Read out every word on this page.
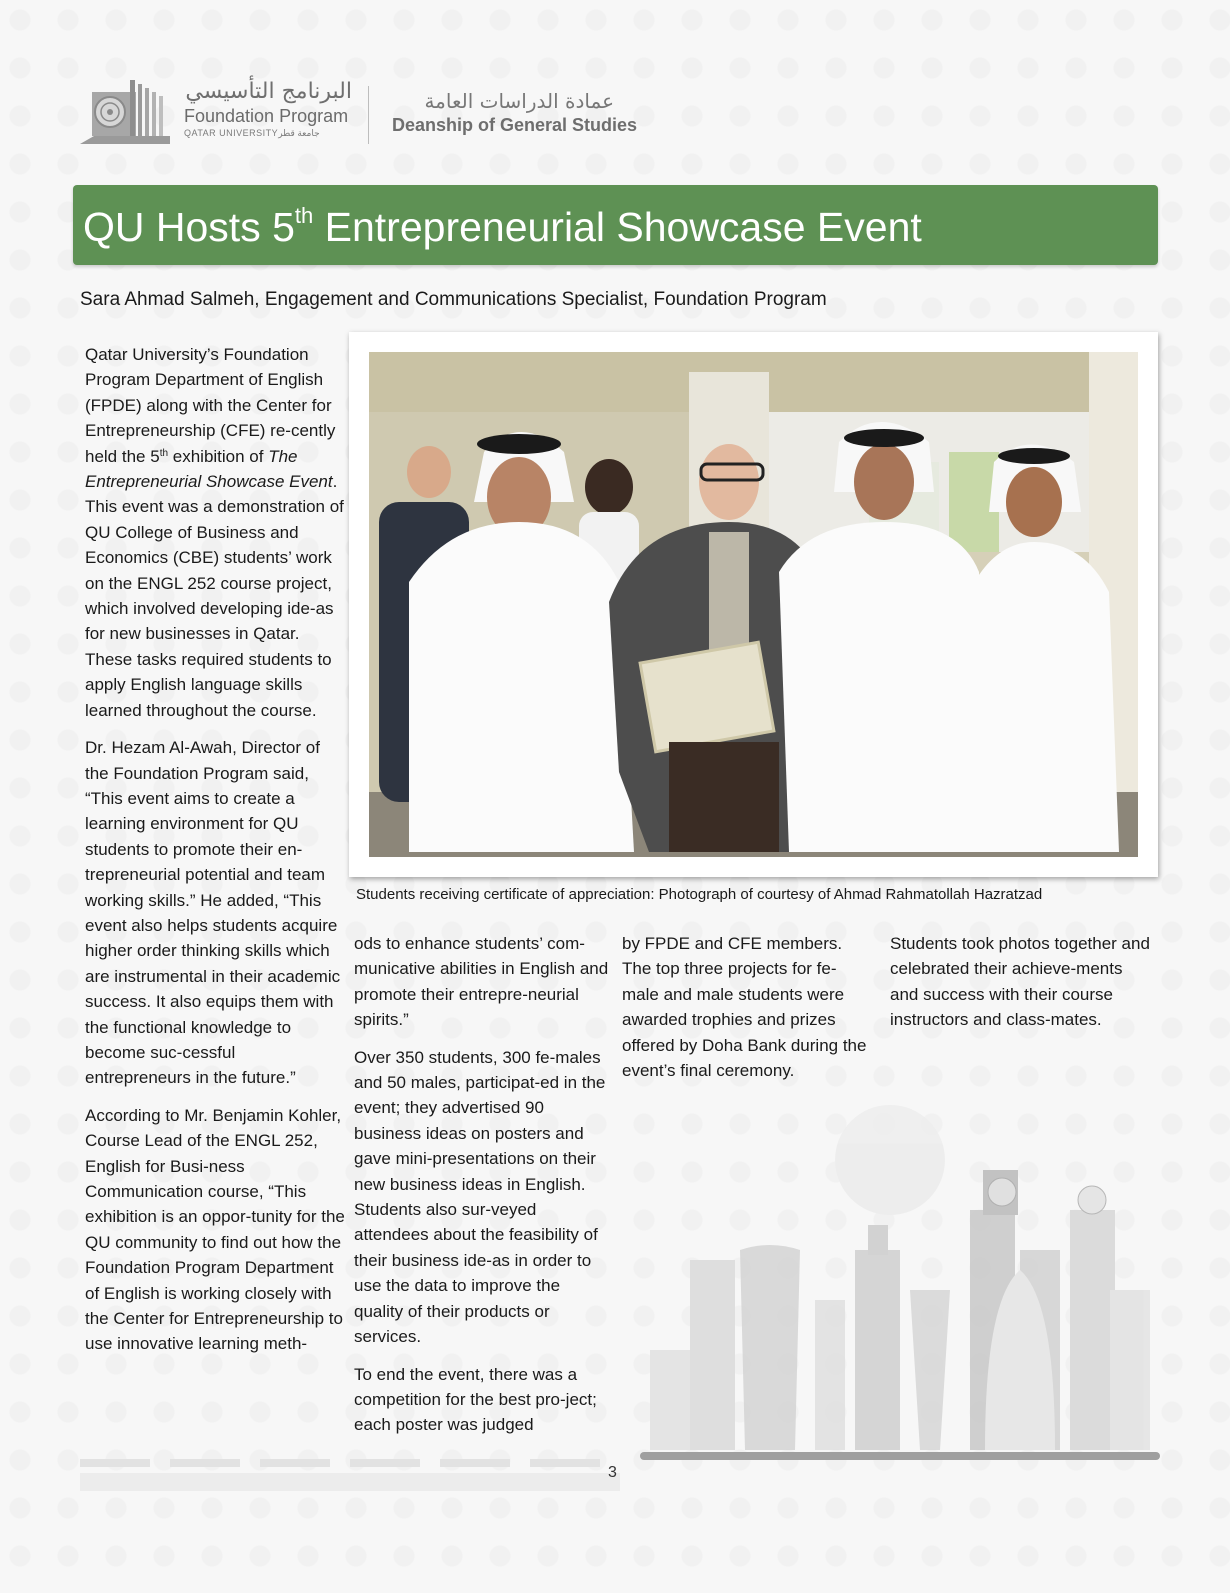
البرنامج التأسيسي
Foundation Program
QATAR UNIVERSITYجامعة قطر
عمادة الدراسات العامة
Deanship of General Studies
QU Hosts 5th Entrepreneurial Showcase Event
Sara Ahmad Salmeh, Engagement and Communications Specialist, Foundation Program

Qatar University’s Foundation Program Department of English (FPDE) along with the Center for Entrepreneurship (CFE) re-cently held the 5th exhibition of The Entrepreneurial Showcase Event. This event was a demonstration of QU College of Business and Economics (CBE) students’ work on the ENGL 252 course project, which involved developing ide-as for new businesses in Qatar. These tasks required students to apply English language skills learned throughout the course.

Dr. Hezam Al-Awah, Director of the Foundation Program said, “This event aims to create a learning environment for QU students to promote their en-trepreneurial potential and team working skills.” He added, “This event also helps students acquire higher order thinking skills which are instrumental in their academic success. It also equips them with the functional knowledge to become suc-cessful entrepreneurs in the future.”

According to Mr. Benjamin Kohler, Course Lead of the ENGL 252, English for Busi-ness Communication course, “This exhibition is an oppor-tunity for the QU community to find out how the Foundation Program Department of English is working closely with the Center for Entrepreneurship to use innovative learning meth-

Students receiving certificate of appreciation: Photograph of courtesy of Ahmad Rahmatollah Hazratzad

ods to enhance students’ com-municative abilities in English and promote their entrepre-neurial spirits.”

Over 350 students, 300 fe-males and 50 males, participat-ed in the event; they advertised 90 business ideas on posters and gave mini-presentations on their new business ideas in English. Students also sur-veyed attendees about the feasibility of their business ide-as in order to use the data to improve the quality of their products or services.

To end the event, there was a competition for the best pro-ject; each poster was judged

by FPDE and CFE members. The top three projects for fe-male and male students were awarded trophies and prizes offered by Doha Bank during the event’s final ceremony.

Students took photos together and celebrated their achieve-ments and success with their course instructors and class-mates.

3
